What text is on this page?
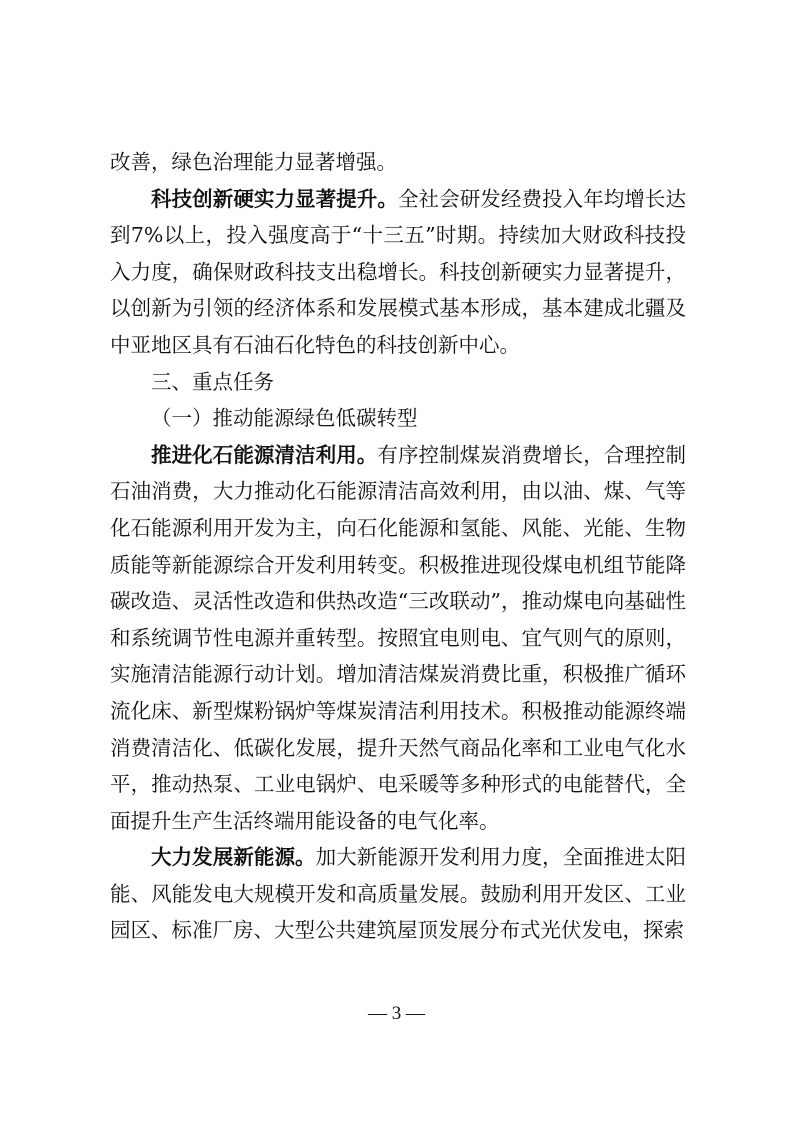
改善，绿色治理能力显著增强。

科技创新硬实力显著提升。全社会研发经费投入年均增长达到7%以上，投入强度高于“十三五”时期。持续加大财政科技投入力度，确保财政科技支出稳增长。科技创新硬实力显著提升，以创新为引领的经济体系和发展模式基本形成，基本建成北疆及中亚地区具有石油石化特色的科技创新中心。

三、重点任务

（一）推动能源绿色低碳转型

推进化石能源清洁利用。有序控制煤炭消费增长，合理控制石油消费，大力推动化石能源清洁高效利用，由以油、煤、气等化石能源利用开发为主，向石化能源和氢能、风能、光能、生物质能等新能源综合开发利用转变。积极推进现役煤电机组节能降碳改造、灵活性改造和供热改造“三改联动”，推动煤电向基础性和系统调节性电源并重转型。按照宜电则电、宜气则气的原则，实施清洁能源行动计划。增加清洁煤炭消费比重，积极推广循环流化床、新型煤粉锅炉等煤炭清洁利用技术。积极推动能源终端消费清洁化、低碳化发展，提升天然气商品化率和工业电气化水平，推动热泵、工业电锅炉、电采暖等多种形式的电能替代，全面提升生产生活终端用能设备的电气化率。

大力发展新能源。加大新能源开发利用力度，全面推进太阳能、风能发电大规模开发和高质量发展。鼓励利用开发区、工业园区、标准厂房、大型公共建筑屋顶发展分布式光伏发电，探索

— 3 —
